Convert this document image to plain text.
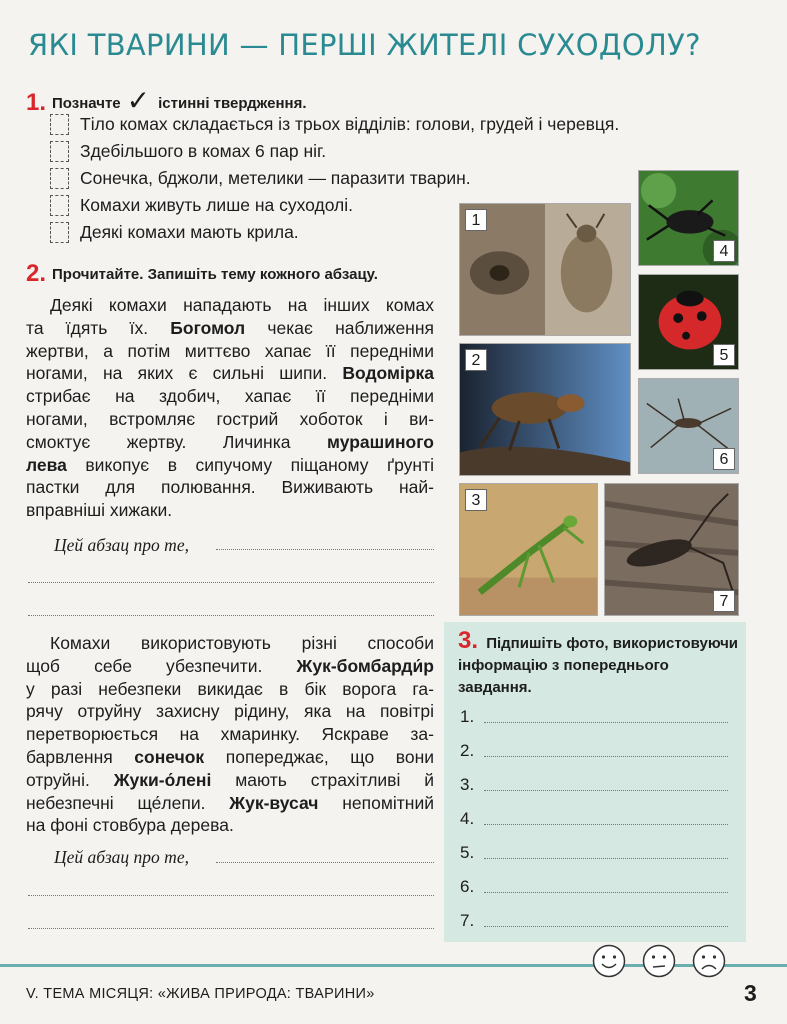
ЯКІ ТВАРИНИ — ПЕРШІ ЖИТЕЛІ СУХОДОЛУ?
1. Позначте ✓ істинні твердження.
Тіло комах складається із трьох відділів: голови, грудей і черевця.
Здебільшого в комах 6 пар ніг.
Сонечка, бджоли, метелики — паразити тварин.
Комахи живуть лише на суходолі.
Деякі комахи мають крила.
2. Прочитайте. Запишіть тему кожного абзацу.
Деякі комахи нападають на інших комах
та їдять їх. Богомол чекає наближення
жертви, а потім миттєво хапає її передніми
ногами, на яких є сильні шипи. Водомірка
стрибає на здобич, хапає її передніми
ногами, встромляє гострий хоботок і ви-
смоктує жертву. Личинка мурашиного
лева викопує в сипучому піщаному ґрунті
пастки для полювання. Виживають най-
вправніші хижаки.
Цей абзац про те,
Комахи використовують різні способи
щоб себе убезпечити. Жук-бомбарди́р
у разі небезпеки викидає в бік ворога га-
рячу отруйну захисну рідину, яка на повітрі
перетворюється на хмаринку. Яскраве за-
барвлення сонечок попереджає, що вони
отруйні. Жуки-о́лені мають страхітливі й
небезпечні ще́лепи. Жук-вусач непомітний
на фоні стовбура дерева.
Цей абзац про те,
1
2
3
4
5
6
7
3. Підпишіть фото, використовуючи інформацію з попереднього завдання.
1.
2.
3.
4.
5.
6.
7.
V. ТЕМА МІСЯЦЯ: «ЖИВА ПРИРОДА: ТВАРИНИ»	3
